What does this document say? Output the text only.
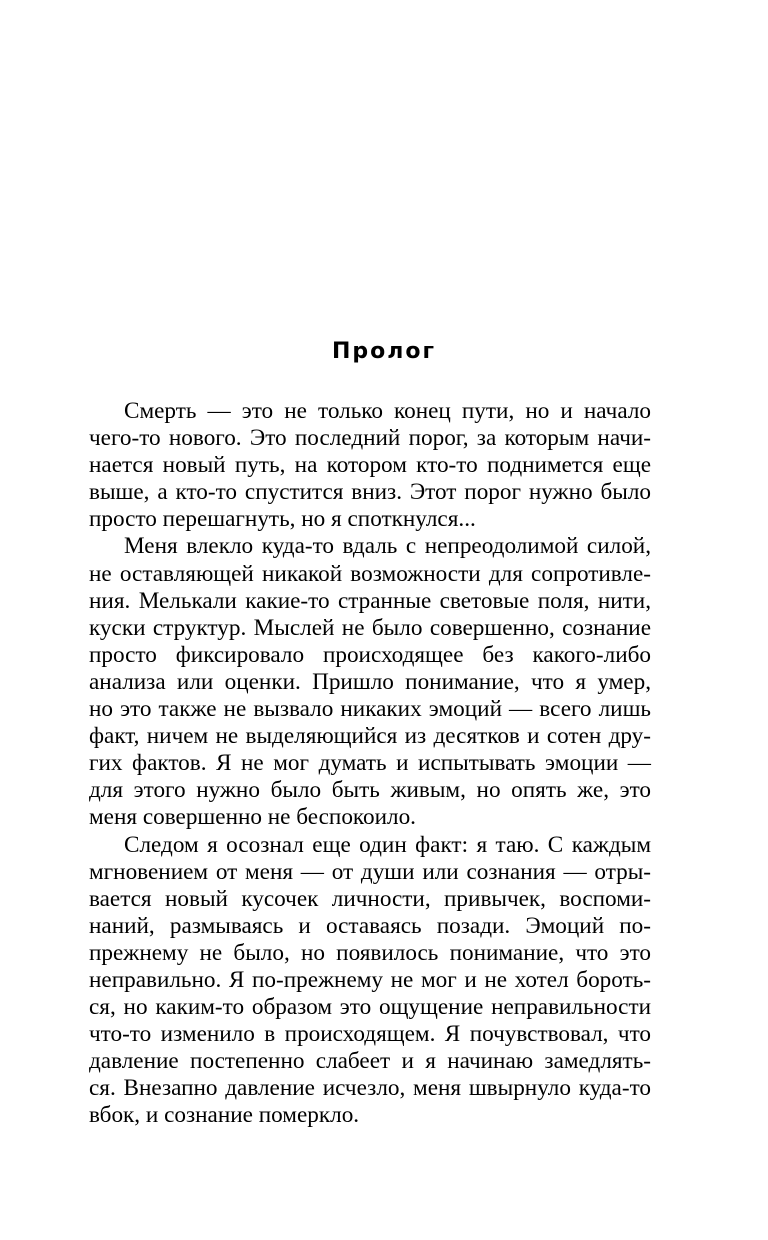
Пролог

Смерть — это не только конец пути, но и начало
чего-то нового. Это последний порог, за которым начи-
нается новый путь, на котором кто-то поднимется еще
выше, а кто-то спустится вниз. Этот порог нужно было
просто перешагнуть, но я споткнулся...

Меня влекло куда-то вдаль с непреодолимой силой,
не оставляющей никакой возможности для сопротивле-
ния. Мелькали какие-то странные световые поля, нити,
куски структур. Мыслей не было совершенно, сознание
просто фиксировало происходящее без какого-либо
анализа или оценки. Пришло понимание, что я умер,
но это также не вызвало никаких эмоций — всего лишь
факт, ничем не выделяющийся из десятков и сотен дру-
гих фактов. Я не мог думать и испытывать эмоции —
для этого нужно было быть живым, но опять же, это
меня совершенно не беспокоило.

Следом я осознал еще один факт: я таю. С каждым
мгновением от меня — от души или сознания — отры-
вается новый кусочек личности, привычек, воспоми-
наний, размываясь и оставаясь позади. Эмоций по-
прежнему не было, но появилось понимание, что это
неправильно. Я по-прежнему не мог и не хотел бороть-
ся, но каким-то образом это ощущение неправильности
что-то изменило в происходящем. Я почувствовал, что
давление постепенно слабеет и я начинаю замедлять-
ся. Внезапно давление исчезло, меня швырнуло куда-то
вбок, и сознание померкло.
